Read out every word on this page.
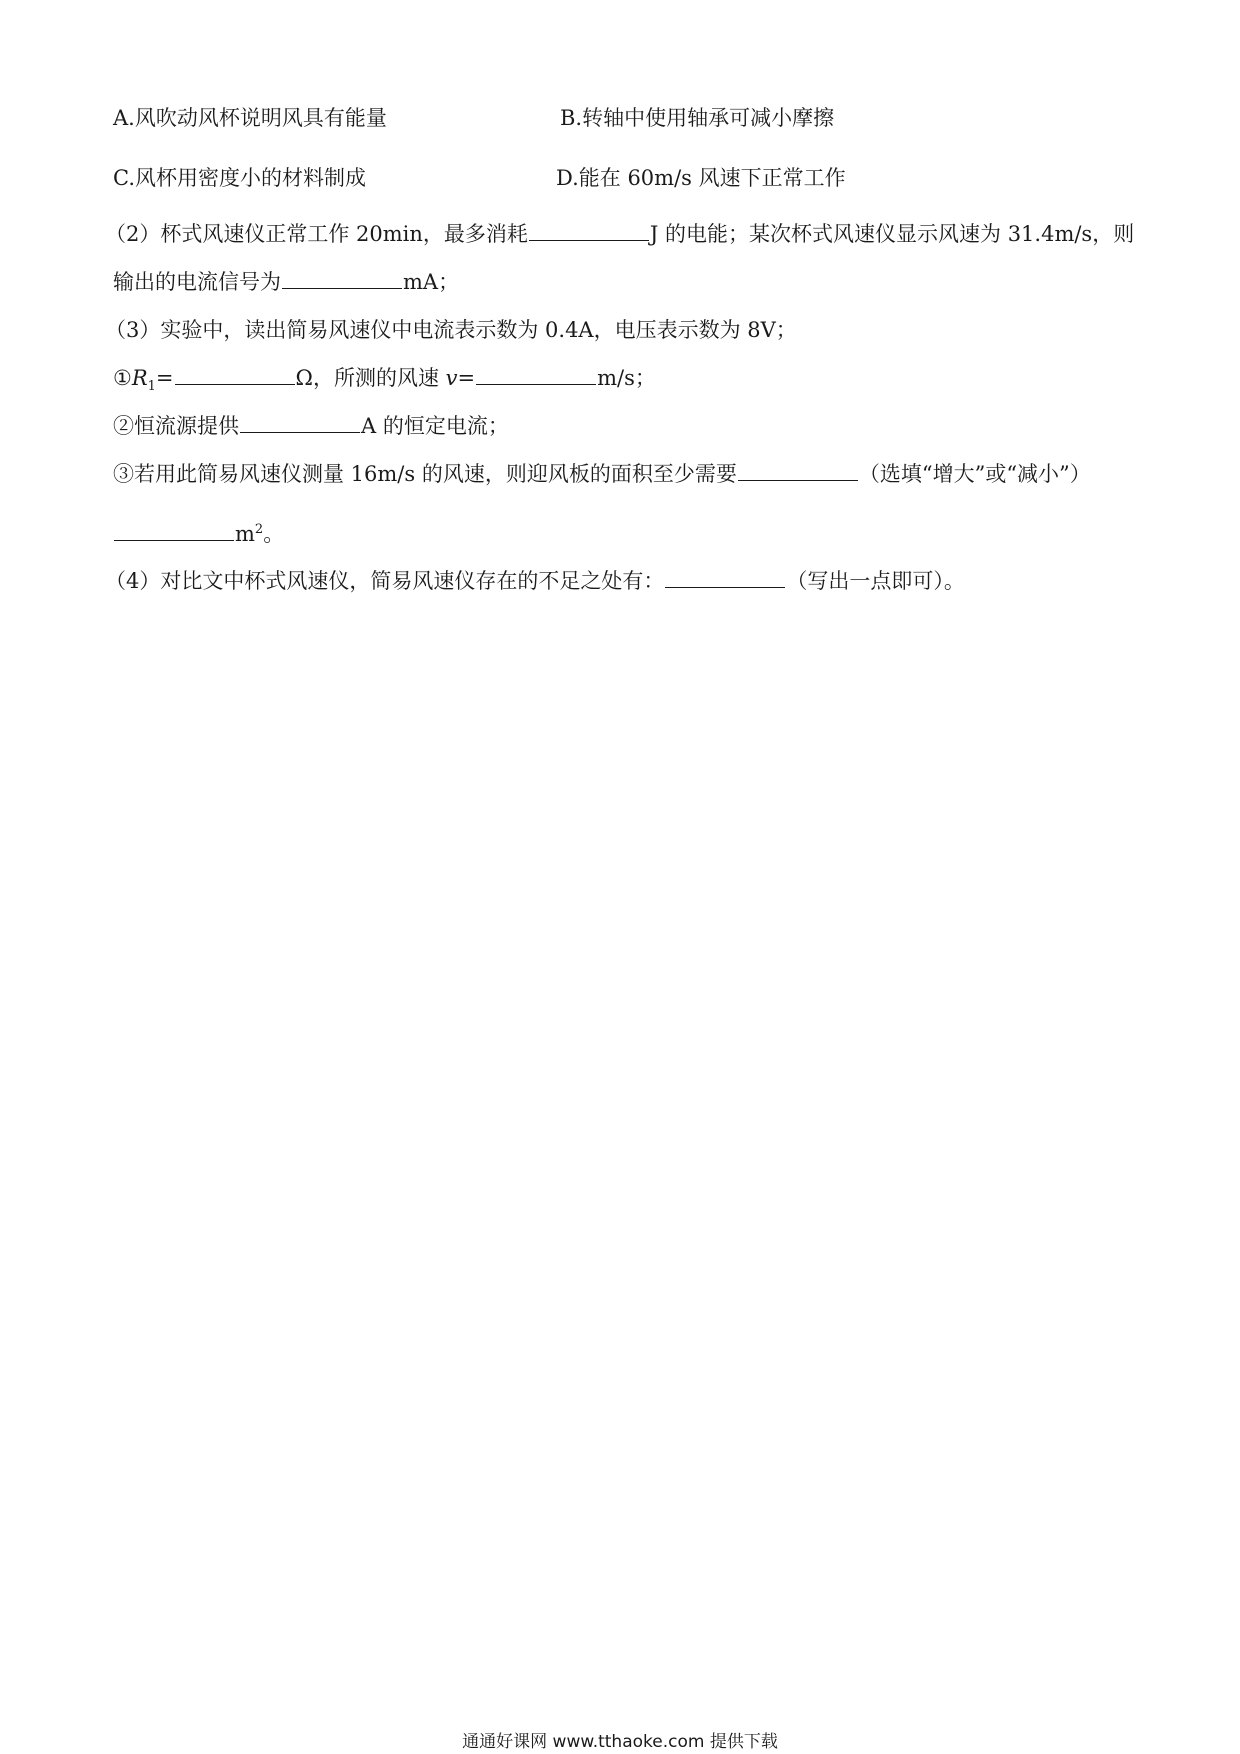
A.风吹动风杯说明风具有能量	B.转轴中使用轴承可减小摩擦
C.风杯用密度小的材料制成	D.能在 60m/s 风速下正常工作
（2）杯式风速仪正常工作 20min，最多消耗	J 的电能；某次杯式风速仪显示风速为 31.4m/s，则
输出的电流信号为	mA；
（3）实验中，读出简易风速仪中电流表示数为 0.4A，电压表示数为 8V；
$①R_1=$	Ω，所测的风速 v=	m/s；
②恒流源提供	A 的恒定电流；
③若用此简易风速仪测量 16m/s 的风速，则迎风板的面积至少需要	（选填“增大”或“减小”）
$m^2$。
（4）对比文中杯式风速仪，简易风速仪存在的不足之处有：	（写出一点即可）。
通通好课网 www.tthaoke.com 提供下载
